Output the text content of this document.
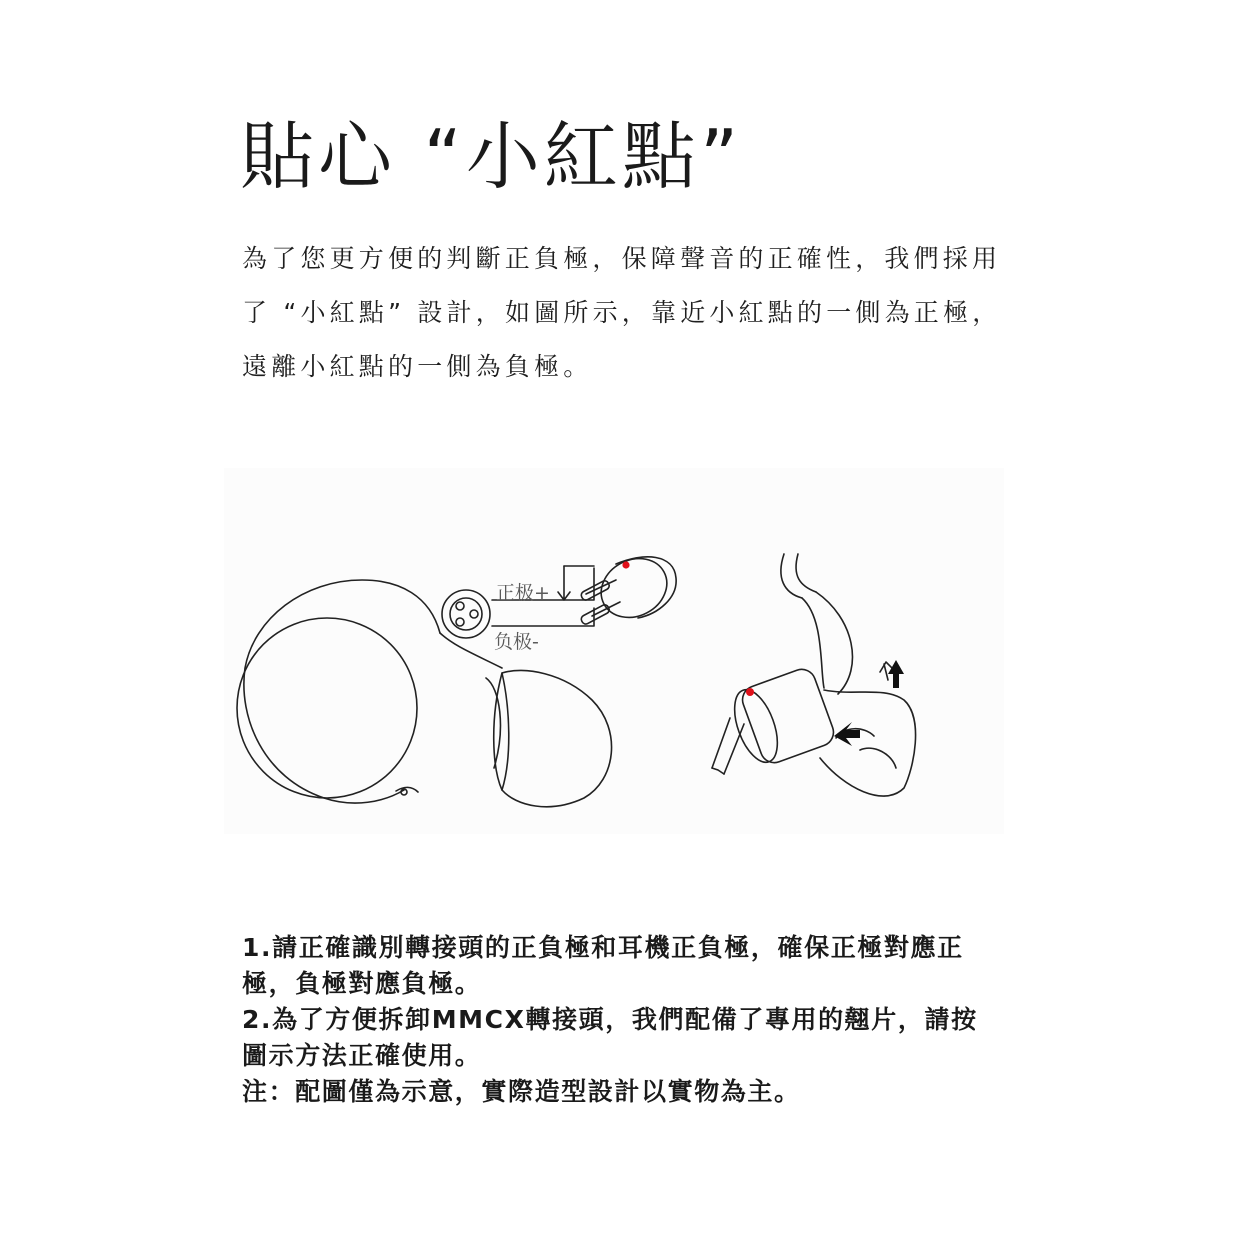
貼心 “小紅點”

為了您更方便的判斷正負極，保障聲音的正確性，我們採用

了 “小紅點” 設計，如圖所示，靠近小紅點的一側為正極，

遠離小紅點的一側為負極。

正极+
负极-

1.請正確識別轉接頭的正負極和耳機正負極，確保正極對應正

極，負極對應負極。

2.為了方便拆卸MMCX轉接頭，我們配備了專用的翹片，請按

圖示方法正確使用。

注：配圖僅為示意，實際造型設計以實物為主。
